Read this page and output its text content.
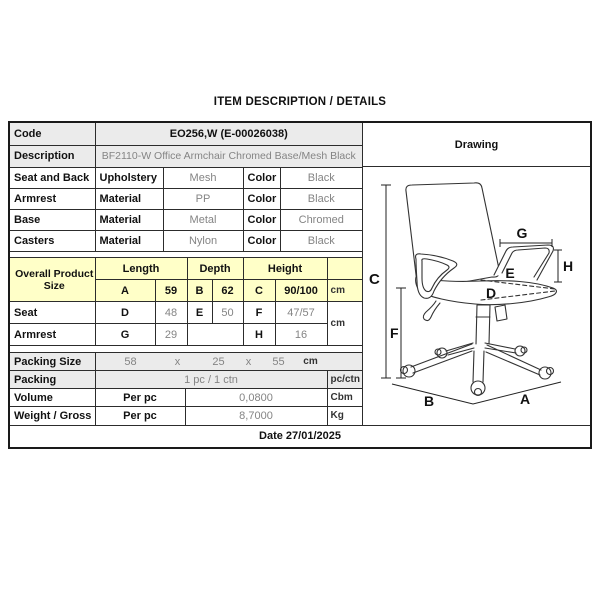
ITEM DESCRIPTION / DETAILS
Code	EO256,W (E-00026038)
Description	BF2110-W Office Armchair Chromed Base/Mesh Black
Seat and Back	Upholstery	Mesh	Color	Black
Armrest	Material	PP	Color	Black
Base	Material	Metal	Color	Chromed
Casters	Material	Nylon	Color	Black
Overall Product Size	Length		Depth		Height		
	A	59	B	62	C	90/100	cm
Seat	D	48	E	50	F	47/57	cm
Armrest	G	29			H	16	
Packing Size	58	x	25	x	55	cm

Packing	1 pc / 1 ctn		pc/ctn
Volume	Per pc	0,0800	Cbm
Weight / Gross	Per pc	8,7000	Kg
Drawing
C
F
G
H
E
D
B	A
Date 27/01/2025
